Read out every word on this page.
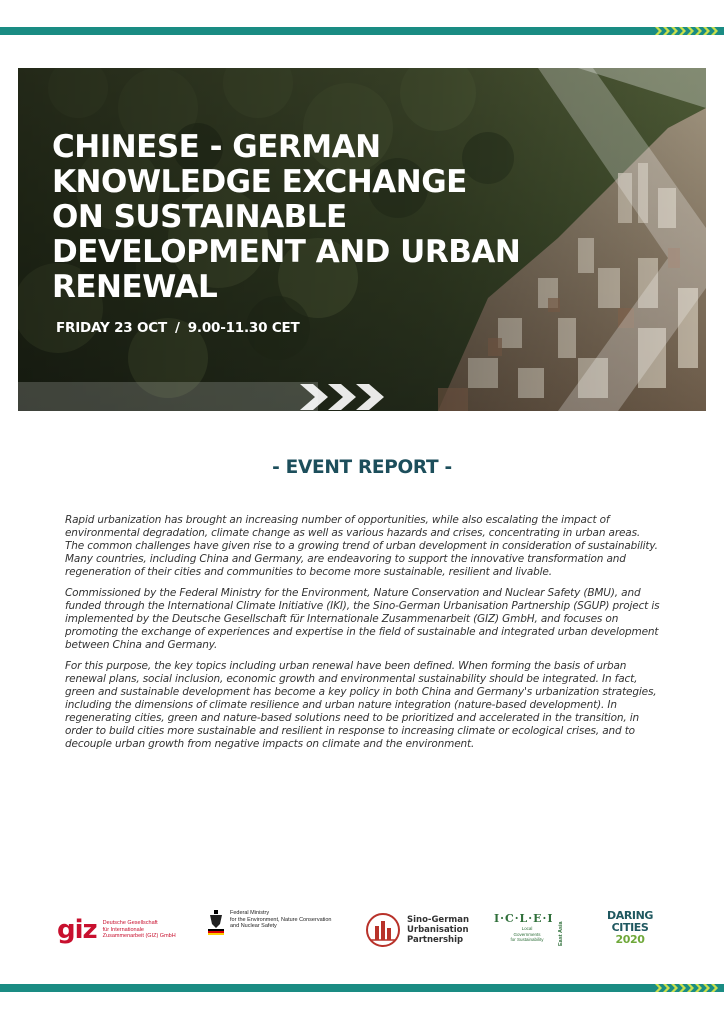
CHINESE - GERMAN KNOWLEDGE EXCHANGE ON SUSTAINABLE DEVELOPMENT AND URBAN RENEWAL
FRIDAY 23 OCT / 9.00-11.30 CET
- EVENT REPORT -

Rapid urbanization has brought an increasing number of opportunities, while also escalating the impact of environmental degradation, climate change as well as various hazards and crises, concentrating in urban areas. The common challenges have given rise to a growing trend of urban development in consideration of sustainability. Many countries, including China and Germany, are endeavoring to support the innovative transformation and regeneration of their cities and communities to become more sustainable, resilient and livable.

Commissioned by the Federal Ministry for the Environment, Nature Conservation and Nuclear Safety (BMU), and funded through the International Climate Initiative (IKI), the Sino-German Urbanisation Partnership (SGUP) project is implemented by the Deutsche Gesellschaft für Internationale Zusammenarbeit (GIZ) GmbH, and focuses on promoting the exchange of experiences and expertise in the field of sustainable and integrated urban development between China and Germany.

For this purpose, the key topics including urban renewal have been defined. When forming the basis of urban renewal plans, social inclusion, economic growth and environmental sustainability should be integrated. In fact, green and sustainable development has become a key policy in both China and Germany's urbanization strategies, including the dimensions of climate resilience and urban nature integration (nature-based development). In regenerating cities, green and nature-based solutions need to be prioritized and accelerated in the transition, in order to build cities more sustainable and resilient in response to increasing climate or ecological crises, and to decouple urban growth from negative impacts on climate and the environment.

giz Deutsche Gesellschaft
für Internationale
Zusammenarbeit (GIZ) GmbH
Federal Ministry
for the Environment, Nature Conservation
and Nuclear Safety
Sino-German
Urbanisation
Partnership
I·C·L·E·I
Local
Governments
for Sustainability	East Asia
DARING
CITIES
2020
